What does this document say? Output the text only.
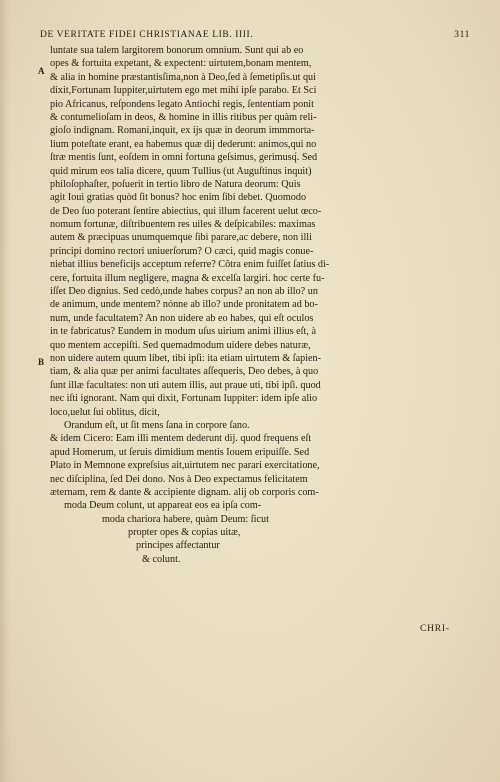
DE VERITATE FIDEI CHRISTIANAE LIB. IIII.	311
A
B
luntate sua talem largitorem bonorum omnium. Sunt qui ab eo
opes & fortuita expetant, & expectent: uirtutem,bonam mentem,
& alia in homine præstantisſima,non à Deo,ſed à ſemetipſis.ut qui
dixit,Fortunam Iuppiter,uirtutem ego met mihi ipſe parabo. Et Sci
pio Africanus, reſpondens legato Antiochi regis, ſententiam ponit
& contumelioſam in deos, & homine in illis ritibus per quàm reli-
gioſo indignam. Romani,inquit, ex ijs quæ in deorum immmorta-
lium poteſtate erant, ea habemus quæ dij dederunt: animos,qui no
ſtræ mentis ſunt, eoſdem in omni fortuna geſsimus, gerimusq́. Sed
quid mirum eos talia dicere, quum Tullius (ut Auguſtinus inquit)
philoſophaſter, poſuerit in tertio libro de Natura deorum: Quis
agit Ioui gratias quòd ſit bonus? hoc enim ſibi debet. Quomodo
de Deo ſuo poterant ſentire abiectius, qui illum facerent uelut œco-
nomum fortunæ, diſtribuentem res uiles & deſpicabiles: maximas
autem & præcipuas unumquemque ſibi parare,ac debere, non illi
principi domino rectori uniuerſorum? O cæci, quid magis conue-
niebat illius beneficijs acceptum referre? Cõtra enim fuiſſet ſatius di-
cere, fortuita illum negligere, magna & excelſa largiri. hoc certe fu-
iſſet Deo dignius. Sed cedò,unde habes corpus? an non ab illo? un
de animum, unde mentem? nónne ab illo? unde pronitatem ad bo-
num, unde facultatem? An non uidere ab eo habes, qui eſt oculos
in te fabricatus? Eundem in modum uſus uirium animi illius eſt, à
quo mentem accepiſti. Sed quemadmodum uidere debes naturæ,
non uidere autem quum libet, tibi ipſi: ita etiam uirtutem & ſapien-
tiam, & alia quæ per animi facultates aſſequeris, Deo debes, à quo
ſunt illæ facultates: non uti autem illis, aut praue uti, tibi ipſi. quod
nec iſti ignorant. Nam qui dixit, Fortunam Iuppiter: idem ipſe alio
loco,uelut ſui oblitus, dicit,
Orandum eſt, ut ſit mens ſana in corpore ſano.
& idem Cicero: Eam illi mentem dederunt dij. quod frequens eſt
apud Homerum, ut ſeruis dimidium mentis Iouem eripuiſſe. Sed
Plato in Memnone expreſsius ait,uirtutem nec parari exercitatione,
nec diſciplina, ſed Dei dono. Nos à Deo expectamus felicitatem
æternam, rem & dante & accipiente dignam. alij ob corporis com-
moda Deum colunt, ut appareat eos ea ipſa com-
moda chariora habere, quàm Deum: ſicut
propter opes & copias uitæ,
principes affectantur
& colunt.
CHRI-
